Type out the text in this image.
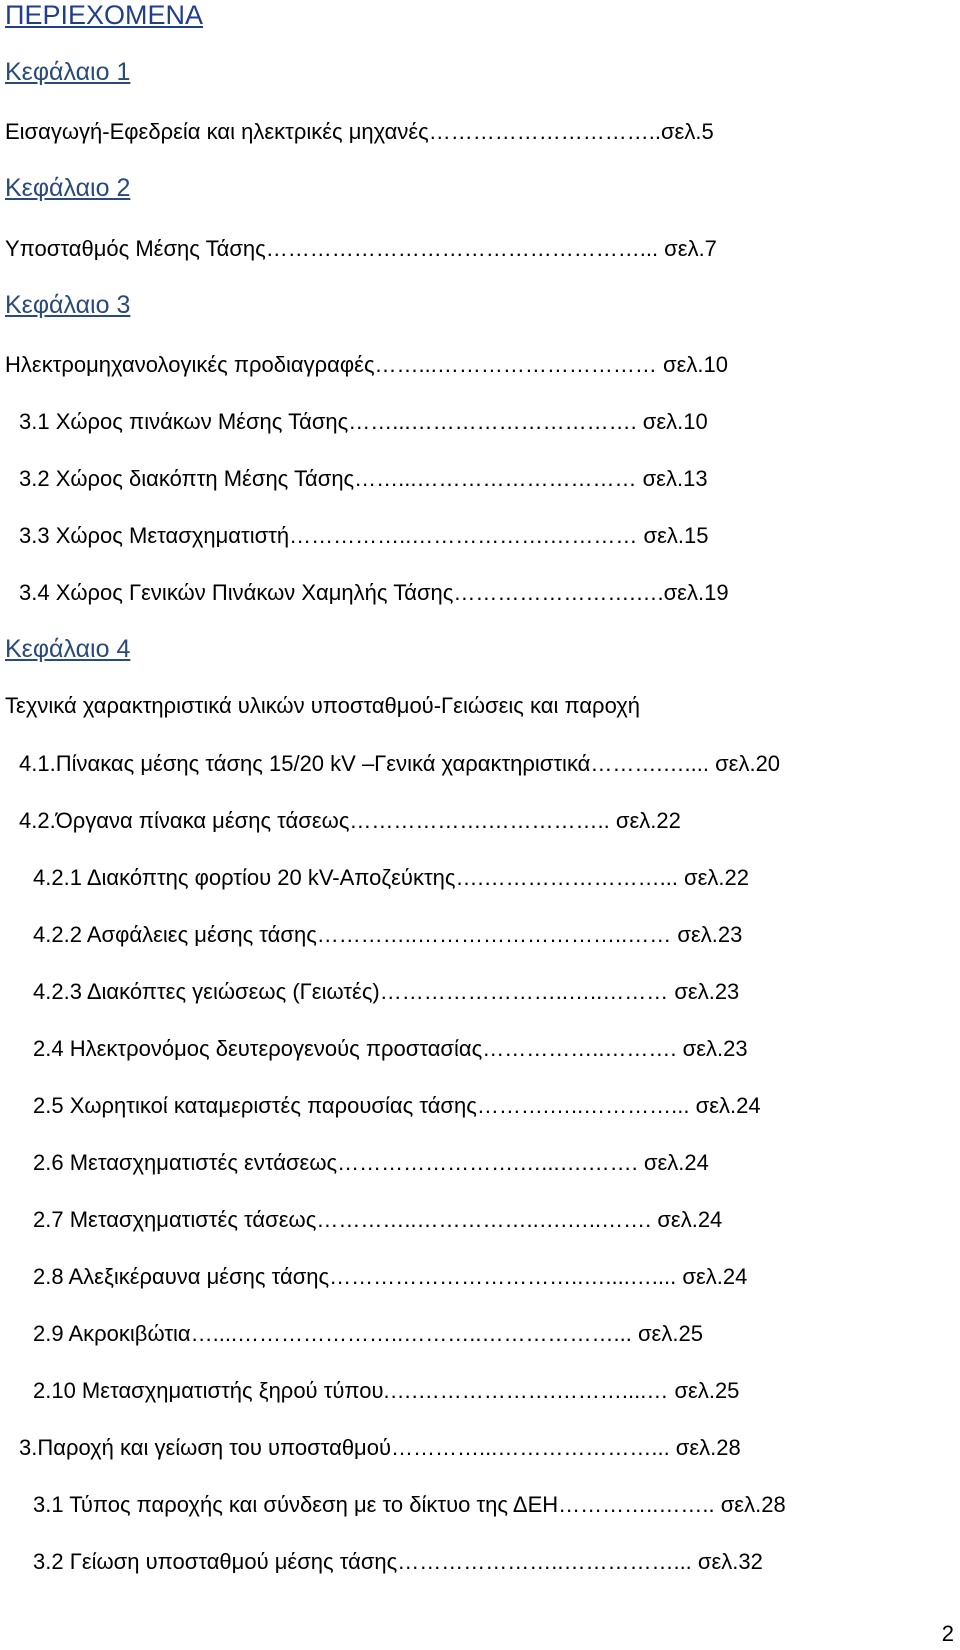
ΠΕΡΙΕΧΟΜΕΝΑ

Κεφάλαιο 1

Εισαγωγή-Εφεδρεία και ηλεκτρικές μηχανές…………………………..σελ.5

Κεφάλαιο 2

Υποσταθμός Μέσης Τάσης……………………………………………... σελ.7

Κεφάλαιο 3

Ηλεκτρομηχανολογικές προδιαγραφές……...………………………… σελ.10

3.1 Χώρος πινάκων Μέσης Τάσης……...…………………………. σελ.10

3.2 Χώρος διακόπτη Μέσης Τάσης……...………………………… σελ.13

3.3 Χώρος Μετασχηματιστή……………..……………….………… σελ.15

3.4 Χώρος Γενικών Πινάκων Χαμηλής Τάσης…………………….….σελ.19

Κεφάλαιο 4

Τεχνικά χαρακτηριστικά υλικών υποσταθμού-Γειώσεις και παροχή

4.1.Πίνακας μέσης τάσης 15/20 kV –Γενικά χαρακτηριστικά……….….... σελ.20

4.2.Όργανα πίνακα μέσης τάσεως……………….…………….. σελ.22

4.2.1 Διακόπτης φορτίου 20 kV-Αποζεύκτης….……………………... σελ.22

4.2.2 Ασφάλειες μέσης τάσης…………..………………………..…… σελ.23

4.2.3 Διακόπτες γειώσεως (Γειωτές)……………………..…..……… σελ.23

2.4 Ηλεκτρονόμος δευτερογενούς προστασίας……………..………. σελ.23

2.5 Χωρητικοί καταμεριστές παρουσίας τάσης……….…..…………... σελ.24

2.6 Μετασχηματιστές εντάσεως…………………….…...….……. σελ.24

2.7 Μετασχηματιστές τάσεως…………..……………..….…..……. σελ.24

2.8 Αλεξικέραυνα μέσης τάσης……………………………..…....….... σελ.24

2.9 Ακροκιβώτια…....…………………..………..………………... σελ.25

2.10 Μετασχηματιστής ξηρού τύπου.….……………….………....… σελ.25

3.Παροχή και γείωση του υποσταθμού…………...…………………... σελ.28

3.1 Τύπος παροχής και σύνδεση με το δίκτυο της ΔΕΗ…………..…….. σελ.28

3.2 Γείωση υποσταθμού μέσης τάσης…………………..……………... σελ.32

2
